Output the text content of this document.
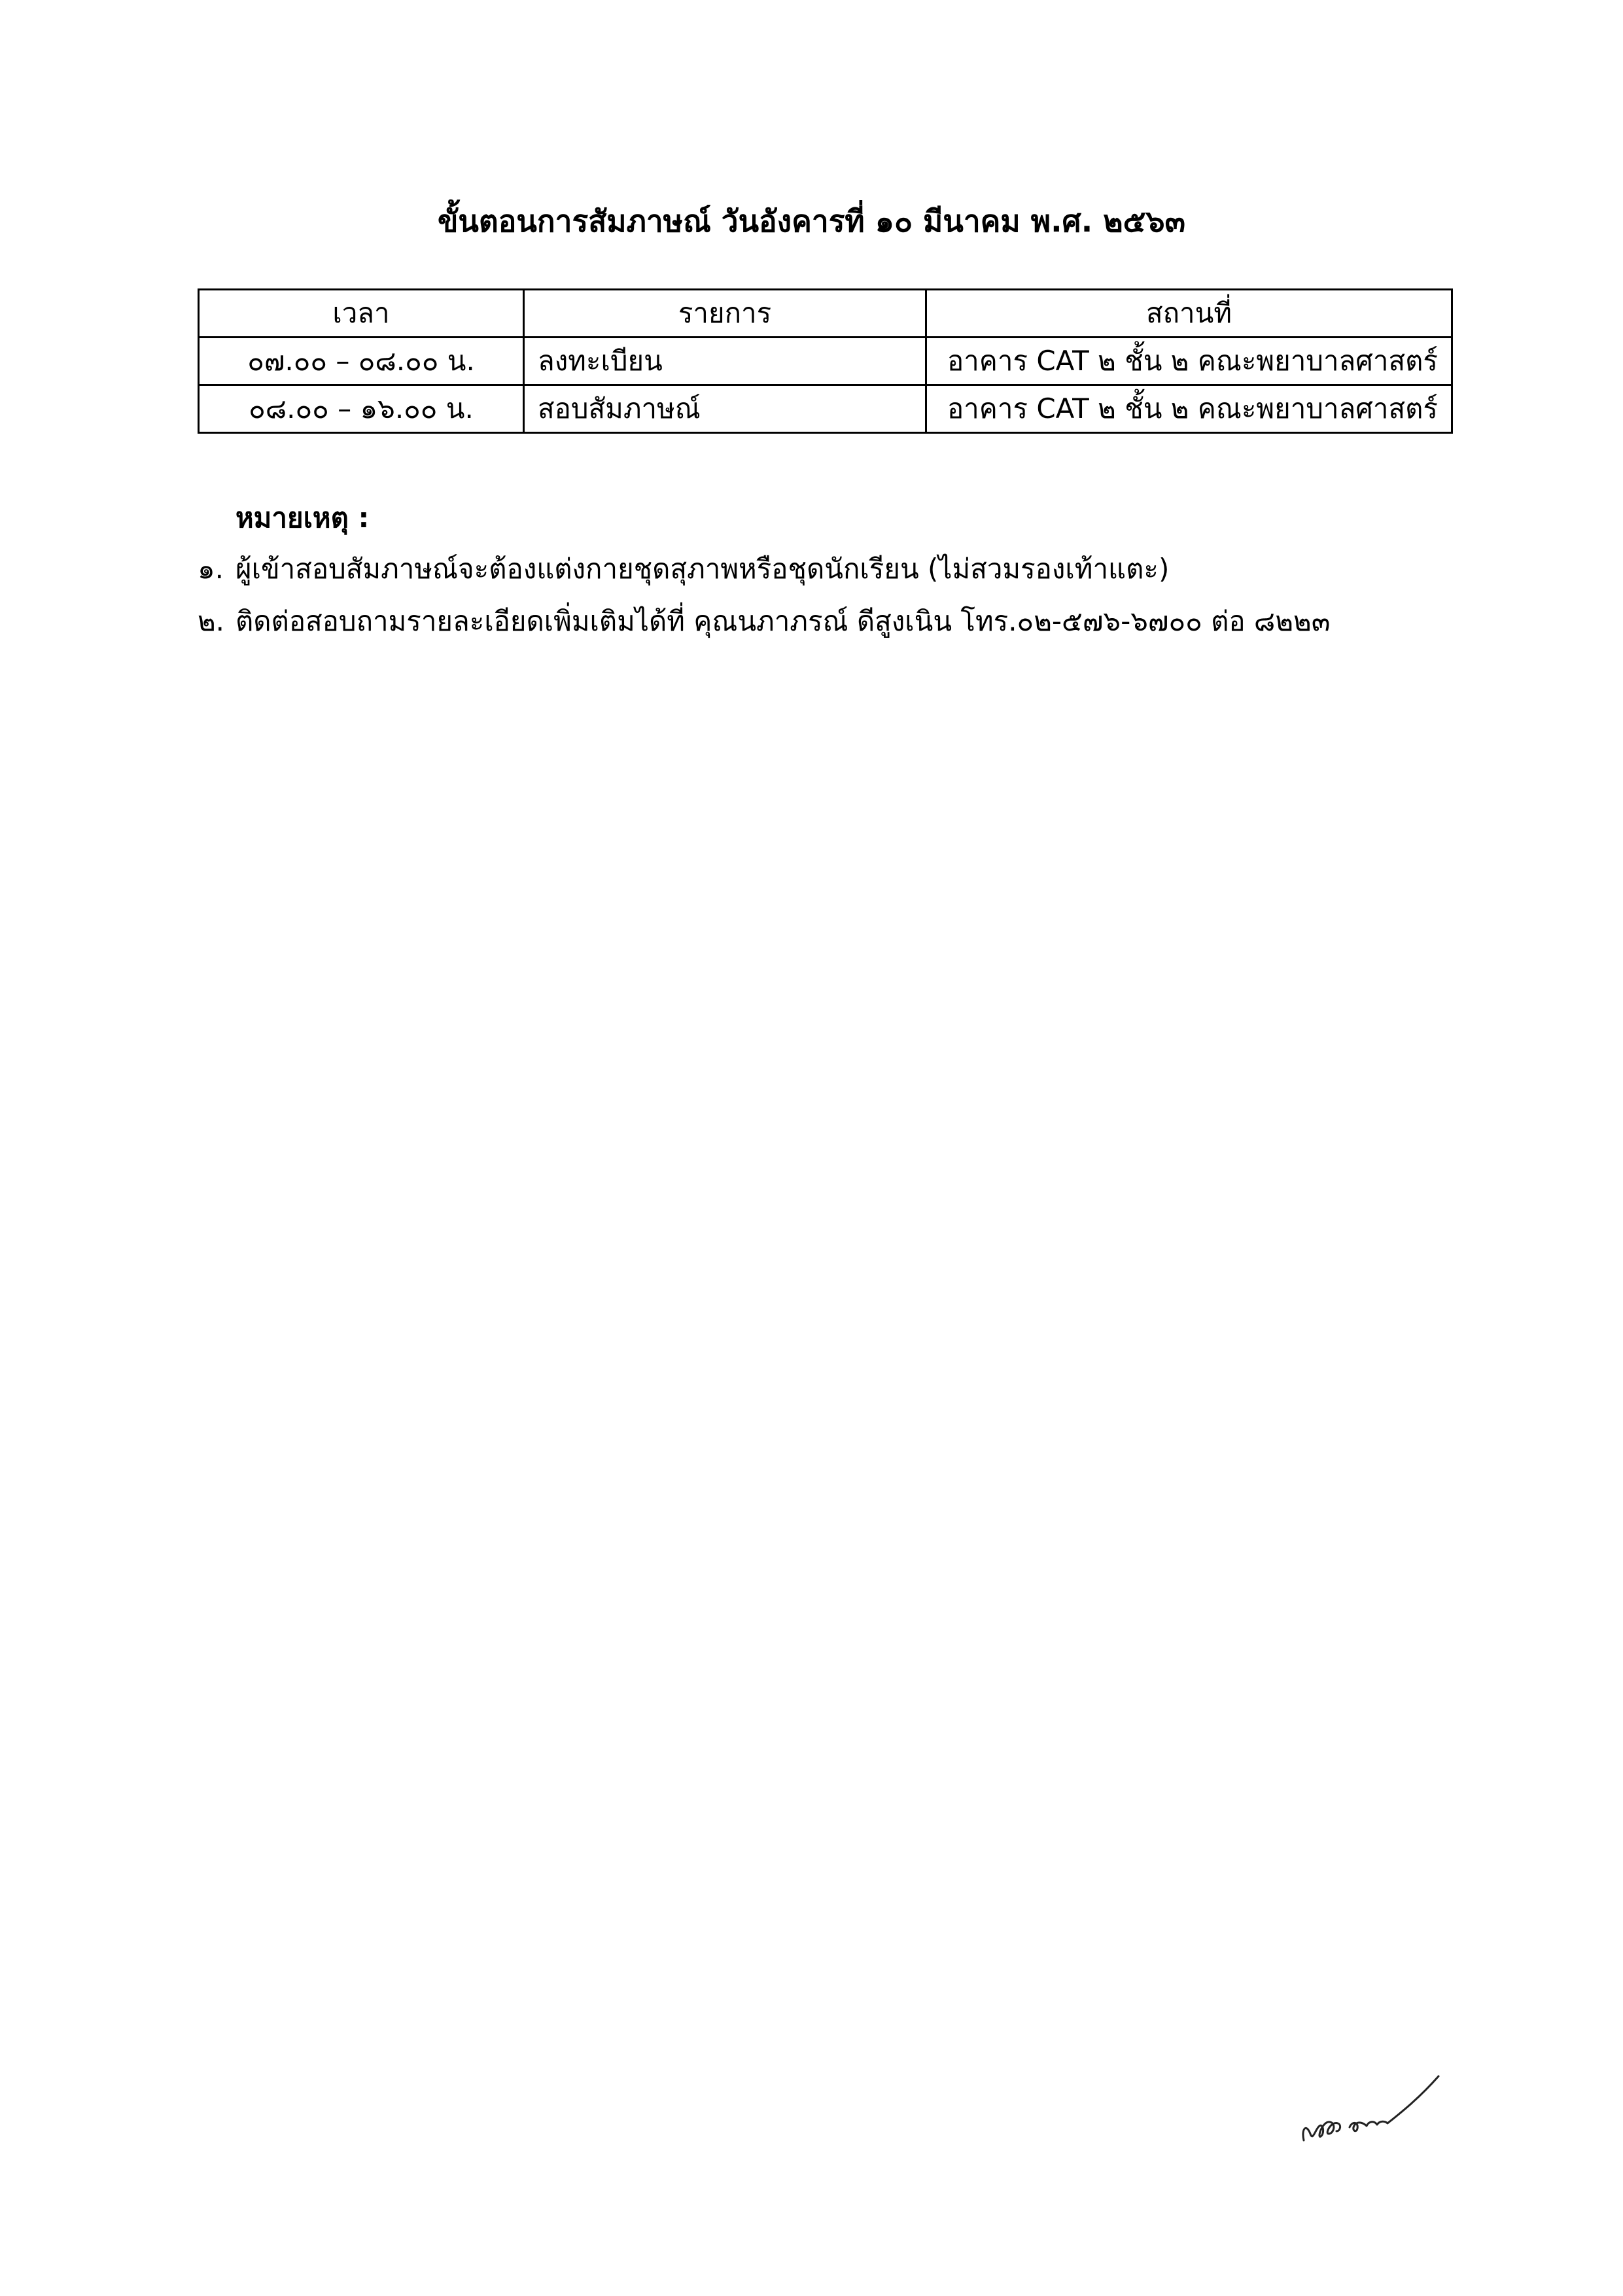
ขั้นตอนการสัมภาษณ์ วันอังคารที่ ๑๐ มีนาคม พ.ศ. ๒๕๖๓
เวลา	รายการ	สถานที่
๐๗.๐๐ – ๐๘.๐๐ น.	ลงทะเบียน	อาคาร CAT ๒ ชั้น ๒ คณะพยาบาลศาสตร์
๐๘.๐๐ – ๑๖.๐๐ น.	สอบสัมภาษณ์	อาคาร CAT ๒ ชั้น ๒ คณะพยาบาลศาสตร์
หมายเหตุ :
๑. ผู้เข้าสอบสัมภาษณ์จะต้องแต่งกายชุดสุภาพหรือชุดนักเรียน (ไม่สวมรองเท้าแตะ)
๒. ติดต่อสอบถามรายละเอียดเพิ่มเติมได้ที่ คุณนภาภรณ์ ดีสูงเนิน โทร.๐๒-๕๗๖-๖๗๐๐ ต่อ ๘๒๒๓
